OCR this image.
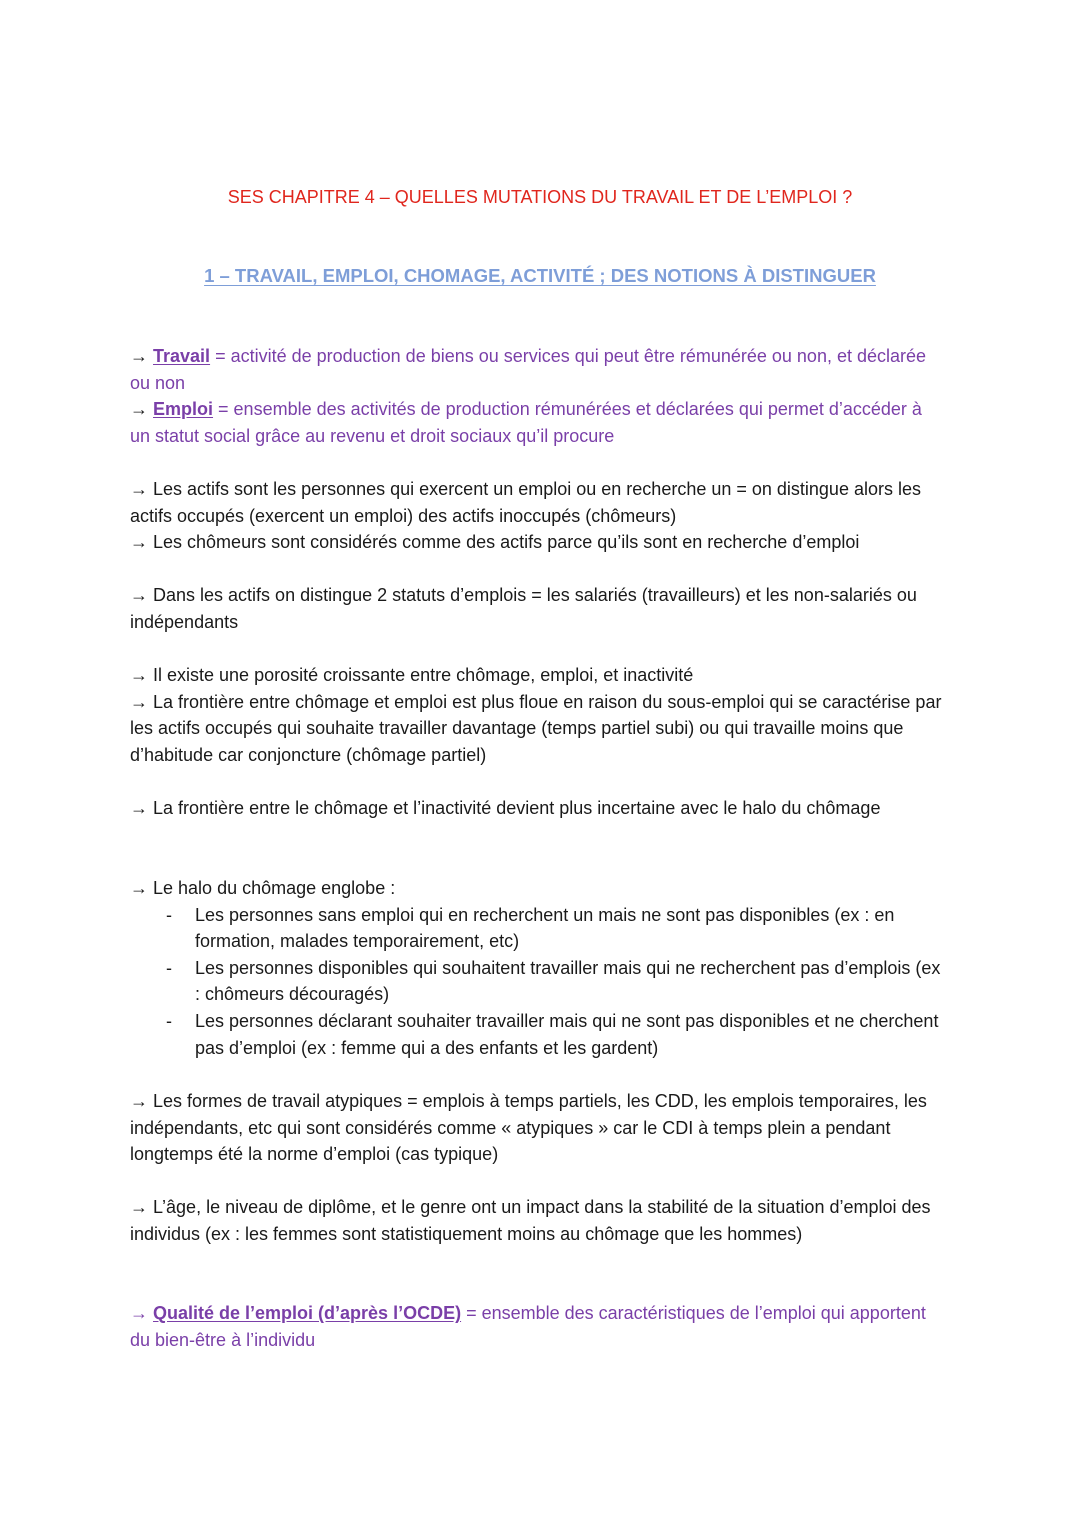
SES CHAPITRE 4 – QUELLES MUTATIONS DU TRAVAIL ET DE L’EMPLOI ?
1 – TRAVAIL, EMPLOI, CHOMAGE, ACTIVITÉ ; DES NOTIONS À DISTINGUER

→ Travail = activité de production de biens ou services qui peut être rémunérée ou non, et déclarée ou non

→ Emploi = ensemble des activités de production rémunérées et déclarées qui permet d’accéder à un statut social grâce au revenu et droit sociaux qu’il procure

→ Les actifs sont les personnes qui exercent un emploi ou en recherche un = on distingue alors les actifs occupés (exercent un emploi) des actifs inoccupés (chômeurs)

→ Les chômeurs sont considérés comme des actifs parce qu’ils sont en recherche d’emploi

→ Dans les actifs on distingue 2 statuts d’emplois = les salariés (travailleurs) et les non-salariés ou indépendants

→ Il existe une porosité croissante entre chômage, emploi, et inactivité

→ La frontière entre chômage et emploi est plus floue en raison du sous-emploi qui se caractérise par les actifs occupés qui souhaite travailler davantage (temps partiel subi) ou qui travaille moins que d’habitude car conjoncture (chômage partiel)

→ La frontière entre le chômage et l’inactivité devient plus incertaine avec le halo du chômage

→ Le halo du chômage englobe :

- Les personnes sans emploi qui en recherchent un mais ne sont pas disponibles (ex : en formation, malades temporairement, etc)
- Les personnes disponibles qui souhaitent travailler mais qui ne recherchent pas d’emplois (ex : chômeurs découragés)
- Les personnes déclarant souhaiter travailler mais qui ne sont pas disponibles et ne cherchent pas d’emploi (ex : femme qui a des enfants et les gardent)

→ Les formes de travail atypiques = emplois à temps partiels, les CDD, les emplois temporaires, les indépendants, etc qui sont considérés comme « atypiques » car le CDI à temps plein a pendant longtemps été la norme d’emploi (cas typique)

→ L’âge, le niveau de diplôme, et le genre ont un impact dans la stabilité de la situation d’emploi des individus (ex : les femmes sont statistiquement moins au chômage que les hommes)

→ Qualité de l’emploi (d’après l’OCDE) = ensemble des caractéristiques de l’emploi qui apportent du bien-être à l’individu
